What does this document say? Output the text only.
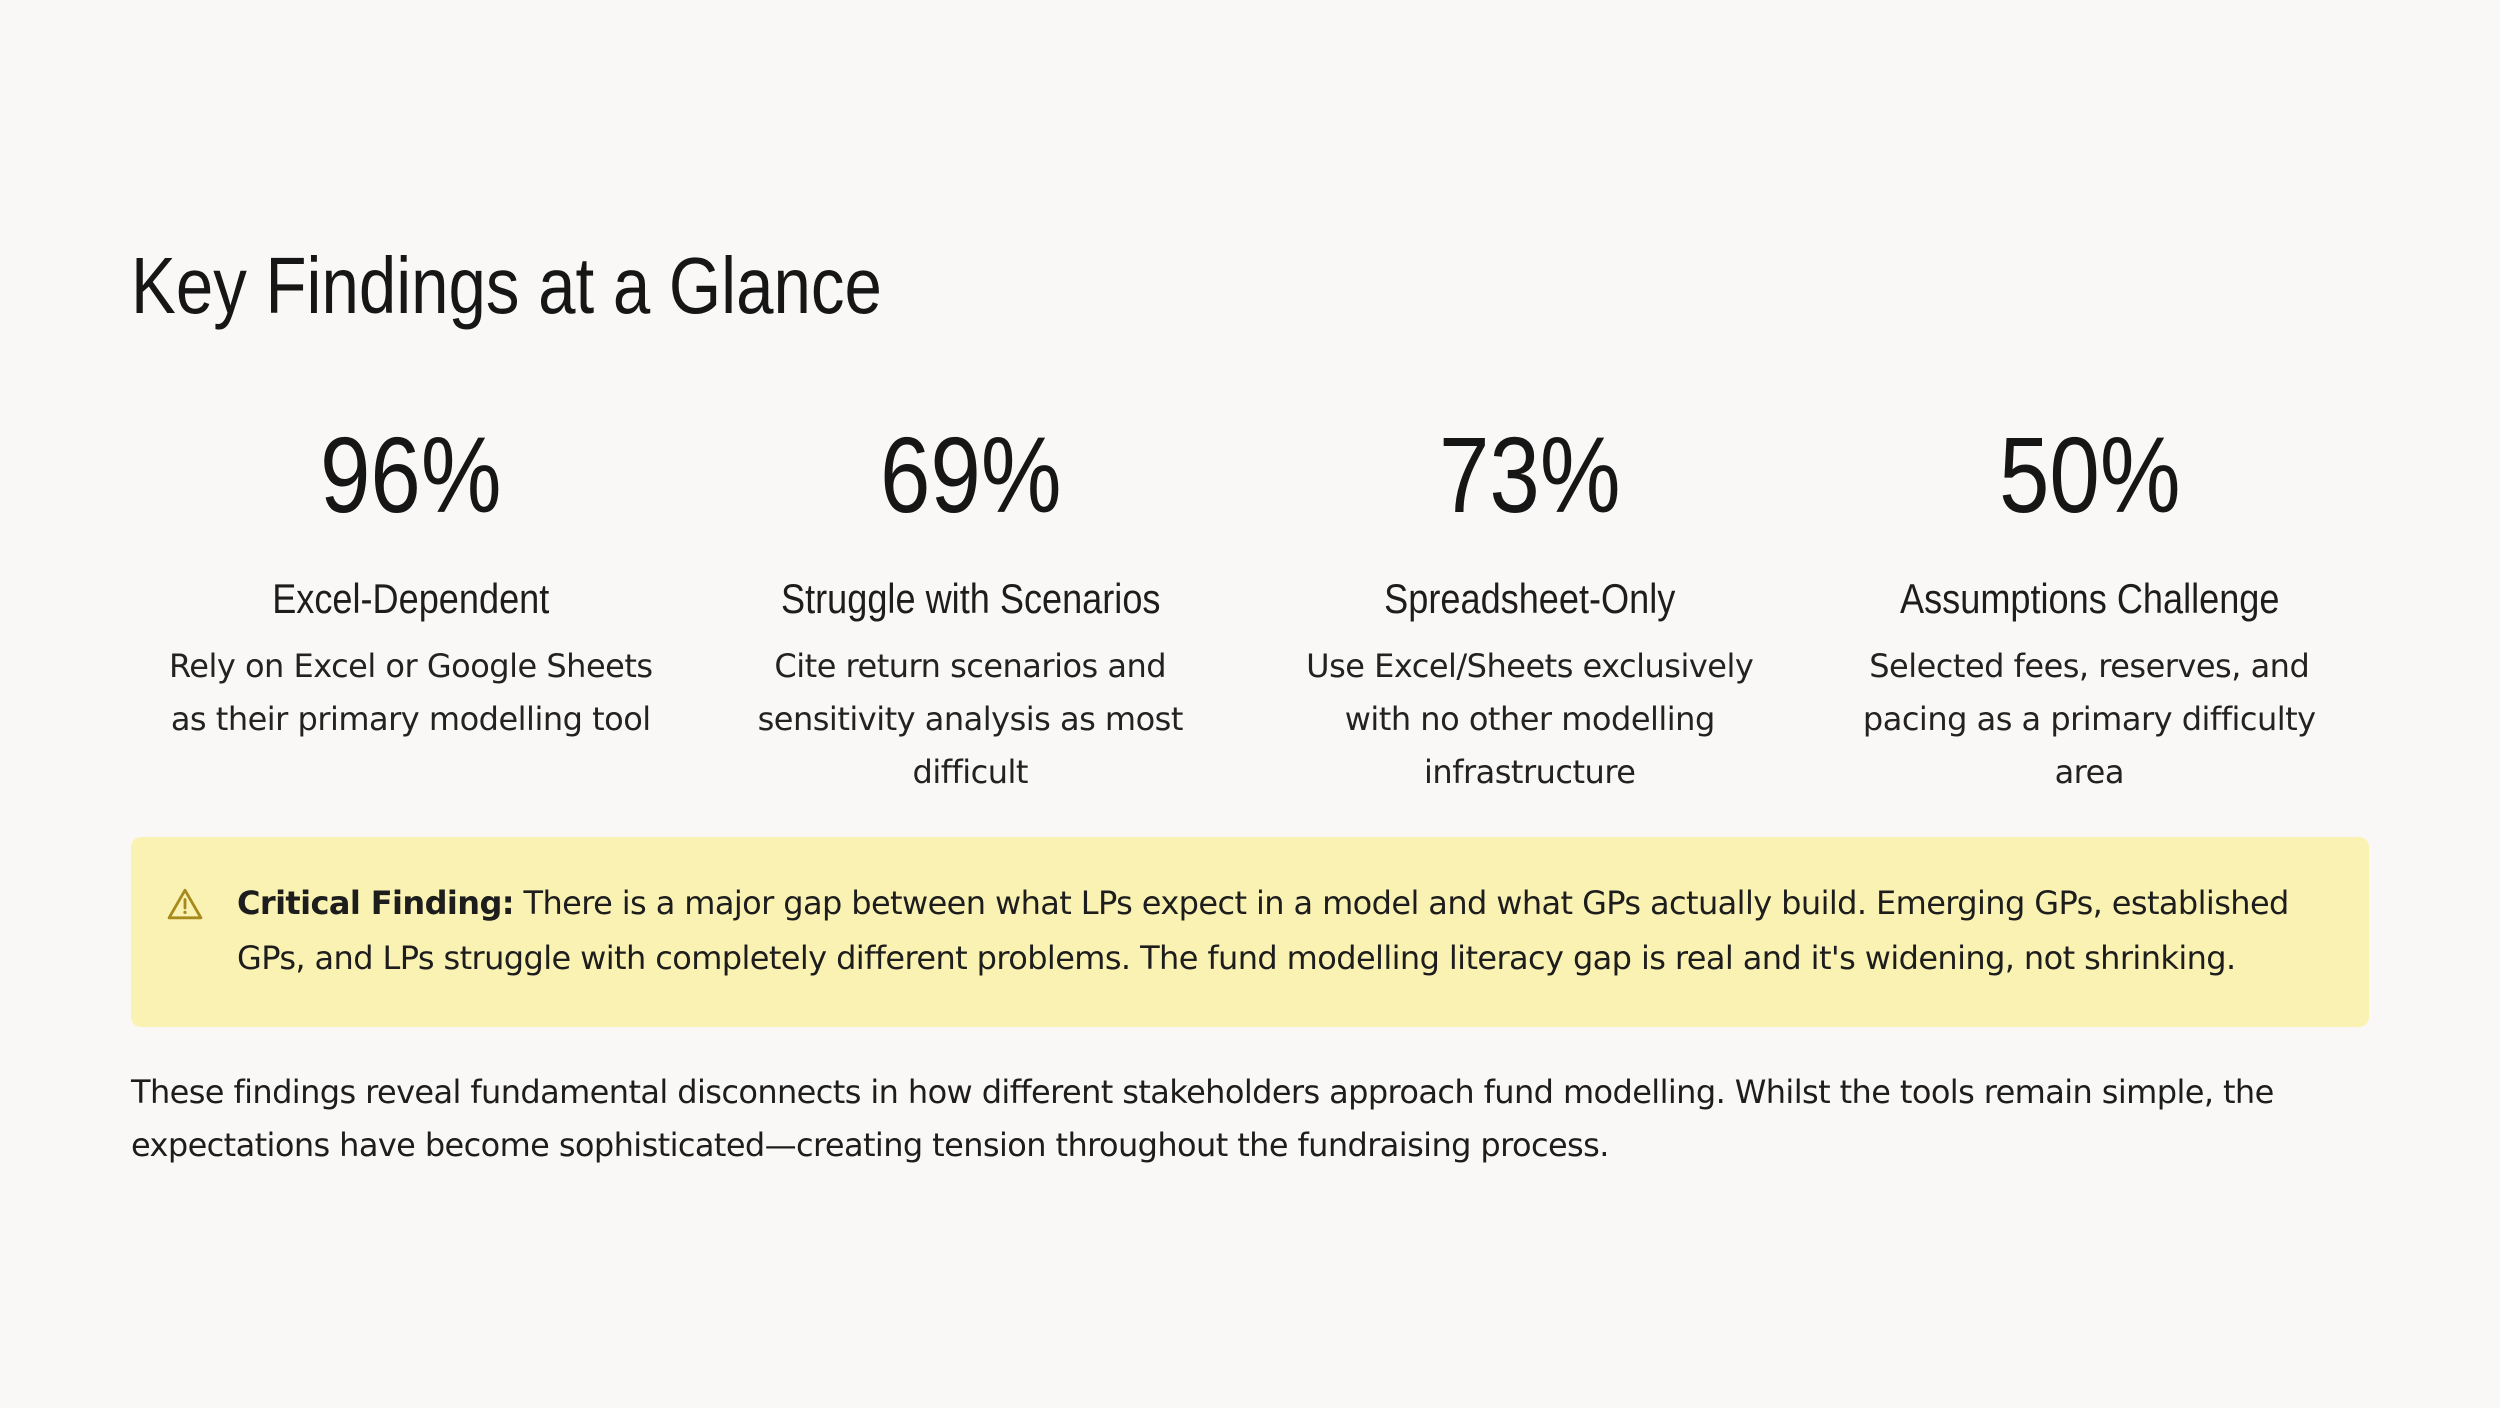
Key Findings at a Glance
96%
Excel-Dependent
Rely on Excel or Google Sheets as their primary modelling tool
69%
Struggle with Scenarios
Cite return scenarios and sensitivity analysis as most difficult
73%
Spreadsheet-Only
Use Excel/Sheets exclusively with no other modelling infrastructure
50%
Assumptions Challenge
Selected fees, reserves, and pacing as a primary difficulty area

Critical Finding: There is a major gap between what LPs expect in a model and what GPs actually build. Emerging GPs, established GPs, and LPs struggle with completely different problems. The fund modelling literacy gap is real and it's widening, not shrinking.

These findings reveal fundamental disconnects in how different stakeholders approach fund modelling. Whilst the tools remain simple, the expectations have become sophisticated—creating tension throughout the fundraising process.
